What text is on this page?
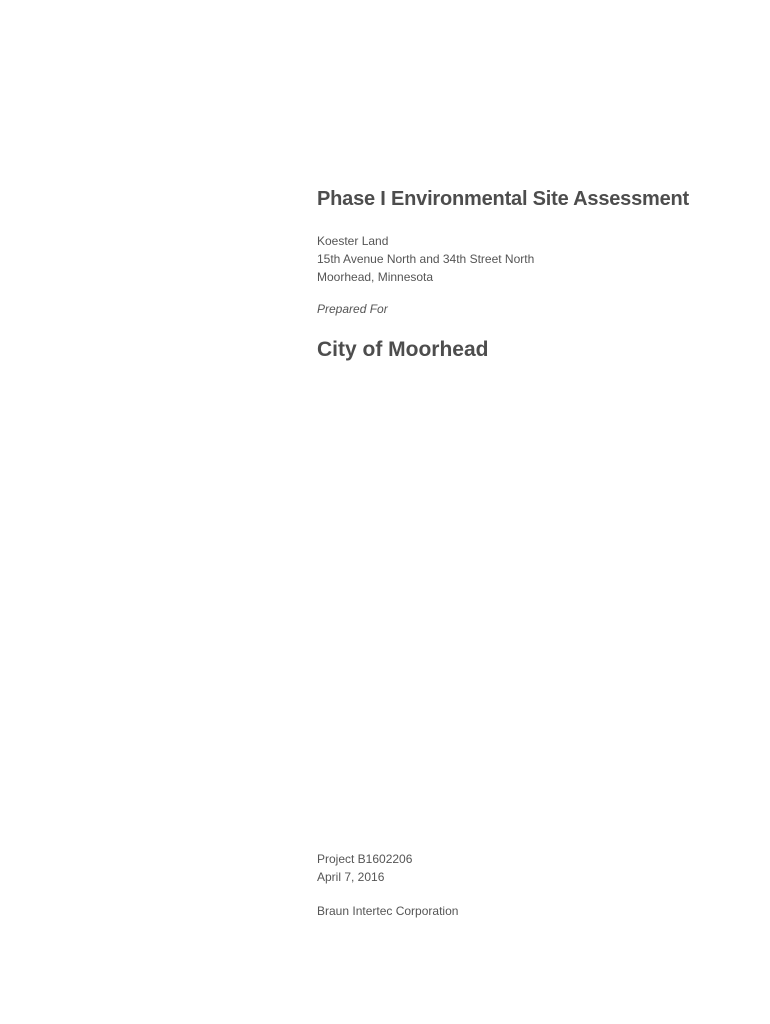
Phase I Environmental Site Assessment
Koester Land
15th Avenue North and 34th Street North
Moorhead, Minnesota
Prepared For
City of Moorhead
Project B1602206
April 7, 2016
Braun Intertec Corporation
